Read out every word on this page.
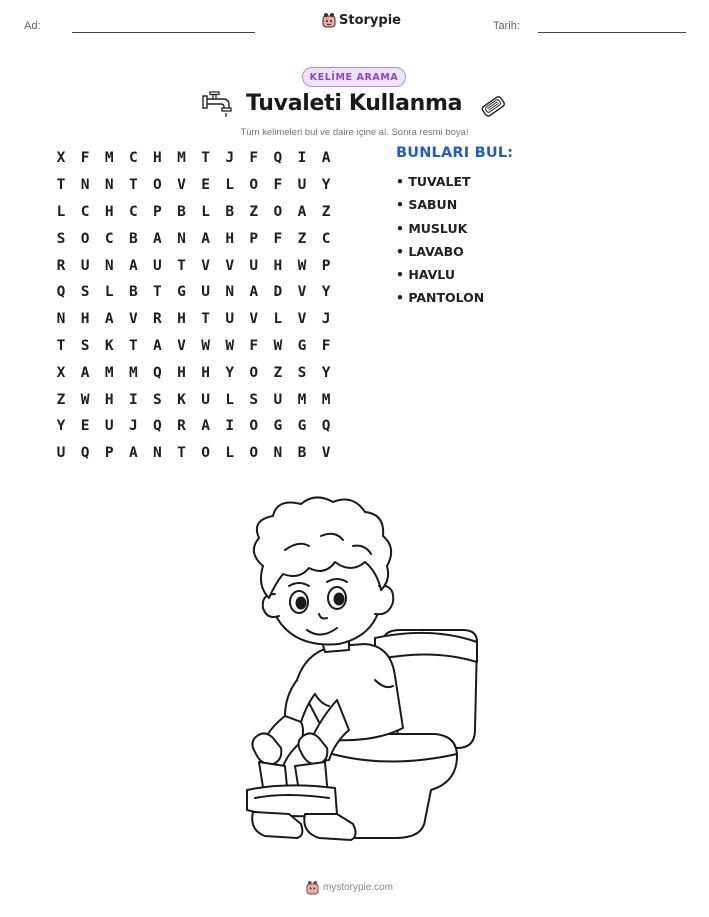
Ad:	Storypie	Tarih:
KELİME ARAMA
Tuvaleti Kullanma
Tüm kelimeleri bul ve daire içine al. Sonra resmi boya!
X	F	M	C	H	M	T	J	F	Q	I	A
T	N	N	T	O	V	E	L	O	F	U	Y
L	C	H	C	P	B	L	B	Z	O	A	Z
S	O	C	B	A	N	A	H	P	F	Z	C
R	U	N	A	U	T	V	V	U	H	W	P
Q	S	L	B	T	G	U	N	A	D	V	Y
N	H	A	V	R	H	T	U	V	L	V	J
T	S	K	T	A	V	W	W	F	W	G	F
X	A	M	M	Q	H	H	Y	O	Z	S	Y
Z	W	H	I	S	K	U	L	S	U	M	M
Y	E	U	J	Q	R	A	I	O	G	G	Q
U	Q	P	A	N	T	O	L	O	N	B	V
BUNLARI BUL:
• TUVALET
• SABUN
• MUSLUK
• LAVABO
• HAVLU
• PANTOLON
mystorypie.com
